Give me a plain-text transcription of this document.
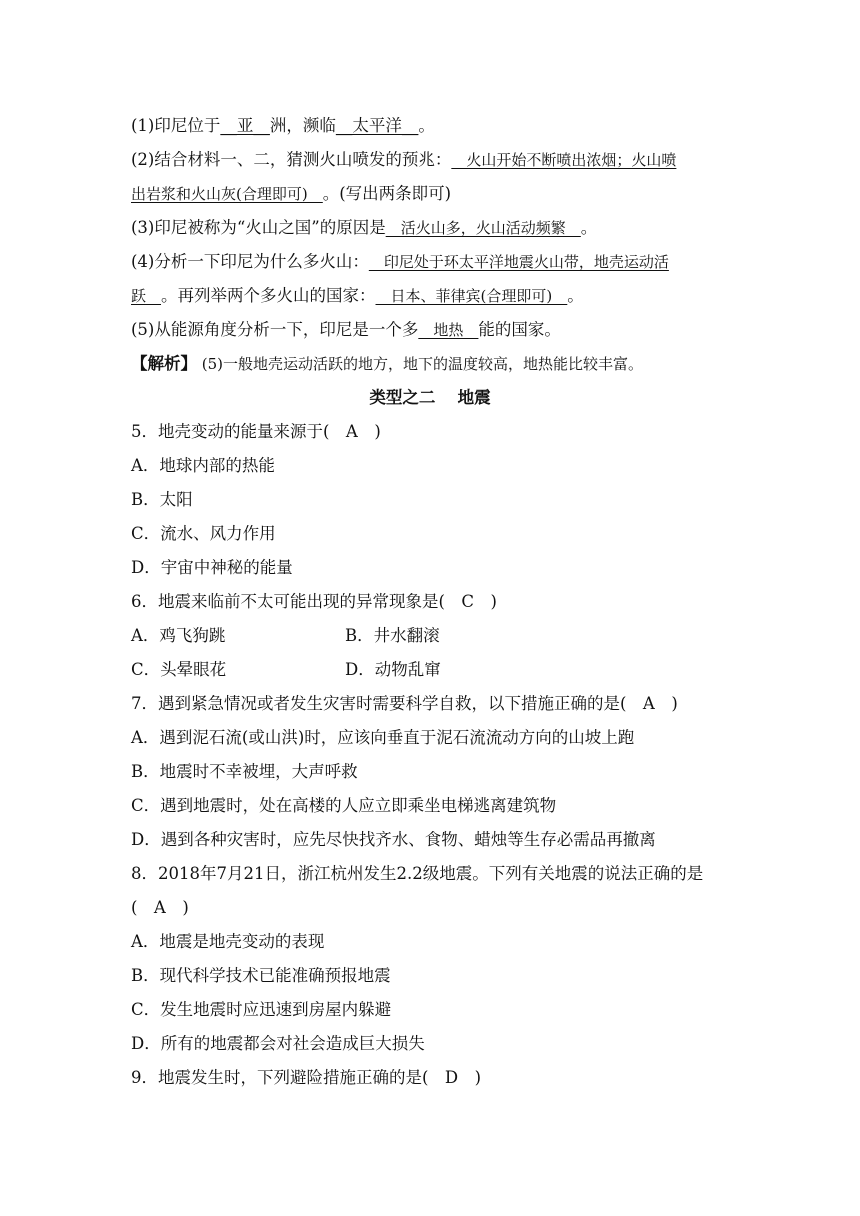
(1)印尼位于__亚__洲，濒临__太平洋__。
(2)结合材料一、二，猜测火山喷发的预兆：__火山开始不断喷出浓烟；火山喷
出岩浆和火山灰(合理即可)__。(写出两条即可)
(3)印尼被称为“火山之国”的原因是__活火山多，火山活动频繁__。
(4)分析一下印尼为什么多火山：__印尼处于环太平洋地震火山带，地壳运动活
跃__。再列举两个多火山的国家：__日本、菲律宾(合理即可)__。
(5)从能源角度分析一下，印尼是一个多__地热__能的国家。
【解析】 (5)一般地壳运动活跃的地方，地下的温度较高，地热能比较丰富。
类型之二　 地震
5．地壳变动的能量来源于(　A　)
A．地球内部的热能
B．太阳
C．流水、风力作用
D．宇宙中神秘的能量
6．地震来临前不太可能出现的异常现象是(　C　)
A．鸡飞狗跳	B．井水翻滚
C．头晕眼花	D．动物乱窜
7．遇到紧急情况或者发生灾害时需要科学自救，以下措施正确的是(　A　)
A．遇到泥石流(或山洪)时，应该向垂直于泥石流流动方向的山坡上跑
B．地震时不幸被埋，大声呼救
C．遇到地震时，处在高楼的人应立即乘坐电梯逃离建筑物
D．遇到各种灾害时，应先尽快找齐水、食物、蜡烛等生存必需品再撤离
8．2018年7月21日，浙江杭州发生2.2级地震。下列有关地震的说法正确的是
(　A　)
A．地震是地壳变动的表现
B．现代科学技术已能准确预报地震
C．发生地震时应迅速到房屋内躲避
D．所有的地震都会对社会造成巨大损失
9．地震发生时，下列避险措施正确的是(　D　)
